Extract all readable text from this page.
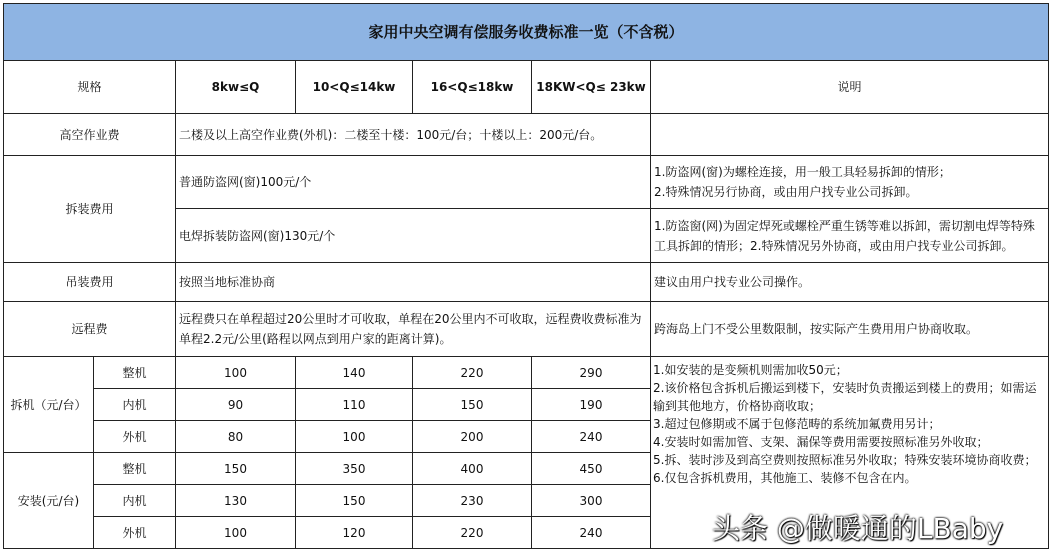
家用中央空调有偿服务收费标准一览（不含税）
规格	8kw≤Q	10<Q≤14kw	16<Q≤18kw	18KW<Q≤ 23kw	说明
高空作业费	二楼及以上高空作业费(外机)：二楼至十楼：100元/台；十楼以上：200元/台。	
拆装费用	普通防盗网(窗)100元/个	
1.防盗网(窗)为螺栓连接，用一般工具轻易拆卸的情形；
2.特殊情况另行协商，或由用户找专业公司拆卸。

电焊拆装防盗网(窗)130元/个	1.防盗窗(网)为固定焊死或螺栓严重生锈等难以拆卸，需切割电焊等特殊工具拆卸的情形；2.特殊情况另外协商，或由用户找专业公司拆卸。
吊装费用	按照当地标准协商	建议由用户找专业公司操作。
远程费	远程费只在单程超过20公里时才可收取，单程在20公里内不可收取，远程费收费标准为单程2.2元/公里(路程以网点到用户家的距离计算)。	跨海岛上门不受公里数限制，按实际产生费用用户协商收取。
拆机（元/台）	整机	100	140	220	290	1.如安装的是变频机则需加收50元；
2.该价格包含拆机后搬运到楼下，安装时负责搬运到楼上的费用；如需运输到其他地方，价格协商收取；
3.超过包修期或不属于包修范畴的系统加氟费用另计；
4.安装时如需加管、支架、漏保等费用需要按照标准另外收取；
5.拆、装时涉及到高空费则按照标准另外收取；特殊安装环境协商收费；
6.仅包含拆机费用，其他施工、装修不包含在内。

内机	90	110	150	190
外机	80	100	200	240
安装(元/台)	整机	150	350	400	450
内机	130	150	230	300
外机	100	120	220	240	头条 @做暖通的LBaby
